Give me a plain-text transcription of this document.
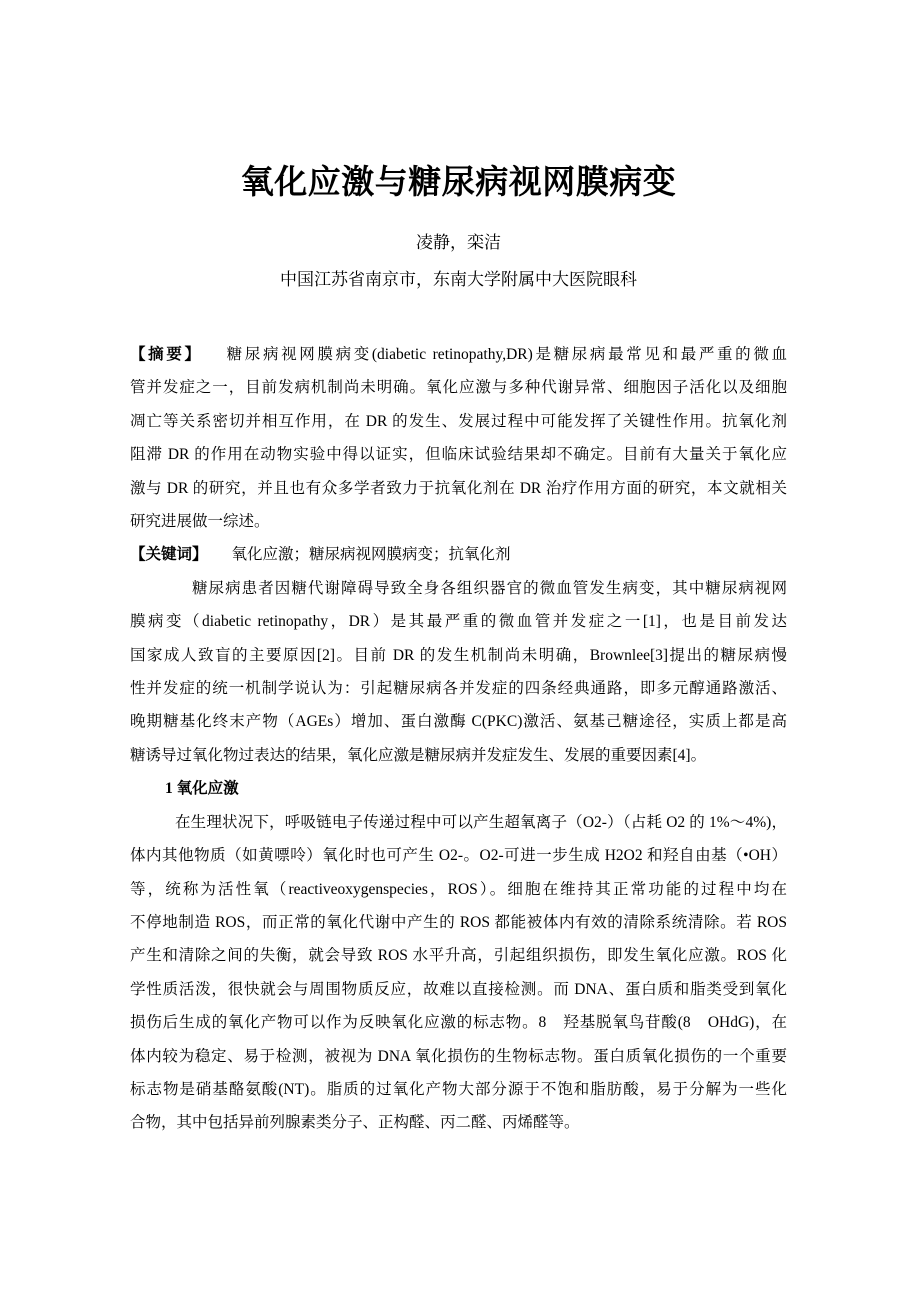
氧化应激与糖尿病视网膜病变
凌静，栾洁
中国江苏省南京市，东南大学附属中大医院眼科
【摘要】 糖尿病视网膜病变(diabetic retinopathy,DR)是糖尿病最常见和最严重的微血
管并发症之一，目前发病机制尚未明确。氧化应激与多种代谢异常、细胞因子活化以及细胞
凋亡等关系密切并相互作用，在 DR 的发生、发展过程中可能发挥了关键性作用。抗氧化剂
阻滞 DR 的作用在动物实验中得以证实，但临床试验结果却不确定。目前有大量关于氧化应
激与 DR 的研究，并且也有众多学者致力于抗氧化剂在 DR 治疗作用方面的研究，本文就相关
研究进展做一综述。
【关键词】 氧化应激；糖尿病视网膜病变；抗氧化剂
糖尿病患者因糖代谢障碍导致全身各组织器官的微血管发生病变，其中糖尿病视网
膜病变（diabetic retinopathy，DR）是其最严重的微血管并发症之一[1]，也是目前发达
国家成人致盲的主要原因[2]。目前 DR 的发生机制尚未明确，Brownlee[3]提出的糖尿病慢
性并发症的统一机制学说认为：引起糖尿病各并发症的四条经典通路，即多元醇通路激活、
晚期糖基化终末产物（AGEs）增加、蛋白激酶 C(PKC)激活、氨基己糖途径，实质上都是高
糖诱导过氧化物过表达的结果，氧化应激是糖尿病并发症发生、发展的重要因素[4]。
1 氧化应激
在生理状况下，呼吸链电子传递过程中可以产生超氧离子（O2-）（占耗 O2 的 1%～4%)，
体内其他物质（如黄嘌呤）氧化时也可产生 O2-。O2-可进一步生成 H2O2 和羟自由基（•OH）
等，统称为活性氧（reactiveoxygenspecies，ROS）。细胞在维持其正常功能的过程中均在
不停地制造 ROS，而正常的氧化代谢中产生的 ROS 都能被体内有效的清除系统清除。若 ROS
产生和清除之间的失衡，就会导致 ROS 水平升高，引起组织损伤，即发生氧化应激。ROS 化
学性质活泼，很快就会与周围物质反应，故难以直接检测。而 DNA、蛋白质和脂类受到氧化
损伤后生成的氧化产物可以作为反映氧化应激的标志物。8　羟基脱氧鸟苷酸(8　OHdG)，在
体内较为稳定、易于检测，被视为 DNA 氧化损伤的生物标志物。蛋白质氧化损伤的一个重要
标志物是硝基酪氨酸(NT)。脂质的过氧化产物大部分源于不饱和脂肪酸，易于分解为一些化
合物，其中包括异前列腺素类分子、正构醛、丙二醛、丙烯醛等。
